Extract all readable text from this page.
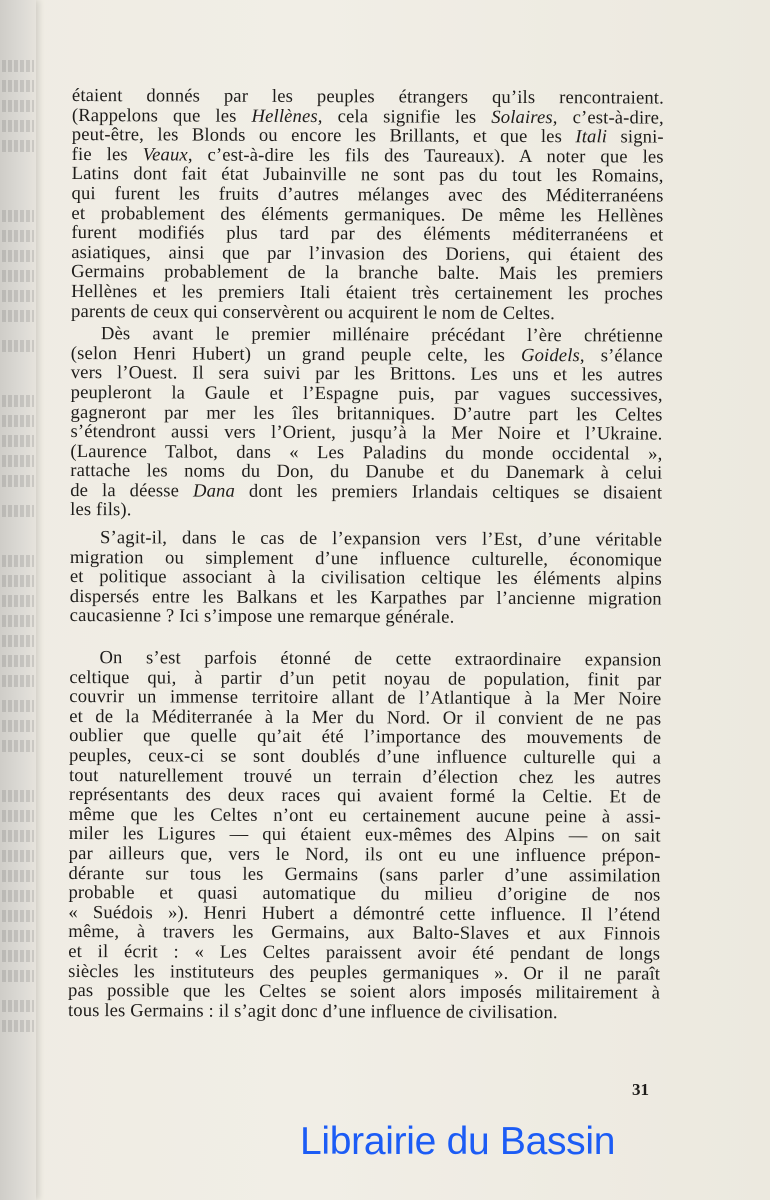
étaient donnés par les peuples étrangers qu’ils rencontraient.
(Rappelons que les Hellènes, cela signifie les Solaires, c’est-à-dire,
peut-être, les Blonds ou encore les Brillants, et que les Itali signi-
fie les Veaux, c’est-à-dire les fils des Taureaux). A noter que les
Latins dont fait état Jubainville ne sont pas du tout les Romains,
qui furent les fruits d’autres mélanges avec des Méditerranéens
et probablement des éléments germaniques. De même les Hellènes
furent modifiés plus tard par des éléments méditerranéens et
asiatiques, ainsi que par l’invasion des Doriens, qui étaient des
Germains probablement de la branche balte. Mais les premiers
Hellènes et les premiers Itali étaient très certainement les proches
parents de ceux qui conservèrent ou acquirent le nom de Celtes.
Dès avant le premier millénaire précédant l’ère chrétienne
(selon Henri Hubert) un grand peuple celte, les Goidels, s’élance
vers l’Ouest. Il sera suivi par les Brittons. Les uns et les autres
peupleront la Gaule et l’Espagne puis, par vagues successives,
gagneront par mer les îles britanniques. D’autre part les Celtes
s’étendront aussi vers l’Orient, jusqu’à la Mer Noire et l’Ukraine.
(Laurence Talbot, dans « Les Paladins du monde occidental »,
rattache les noms du Don, du Danube et du Danemark à celui
de la déesse Dana dont les premiers Irlandais celtiques se disaient
les fils).
S’agit-il, dans le cas de l’expansion vers l’Est, d’une véritable
migration ou simplement d’une influence culturelle, économique
et politique associant à la civilisation celtique les éléments alpins
dispersés entre les Balkans et les Karpathes par l’ancienne migration
caucasienne ? Ici s’impose une remarque générale.
On s’est parfois étonné de cette extraordinaire expansion
celtique qui, à partir d’un petit noyau de population, finit par
couvrir un immense territoire allant de l’Atlantique à la Mer Noire
et de la Méditerranée à la Mer du Nord. Or il convient de ne pas
oublier que quelle qu’ait été l’importance des mouvements de
peuples, ceux-ci se sont doublés d’une influence culturelle qui a
tout naturellement trouvé un terrain d’élection chez les autres
représentants des deux races qui avaient formé la Celtie. Et de
même que les Celtes n’ont eu certainement aucune peine à assi-
miler les Ligures — qui étaient eux-mêmes des Alpins — on sait
par ailleurs que, vers le Nord, ils ont eu une influence prépon-
dérante sur tous les Germains (sans parler d’une assimilation
probable et quasi automatique du milieu d’origine de nos
« Suédois »). Henri Hubert a démontré cette influence. Il l’étend
même, à travers les Germains, aux Balto-Slaves et aux Finnois
et il écrit : « Les Celtes paraissent avoir été pendant de longs
siècles les instituteurs des peuples germaniques ». Or il ne paraît
pas possible que les Celtes se soient alors imposés militairement à
tous les Germains : il s’agit donc d’une influence de civilisation.
31
Librairie du Bassin
